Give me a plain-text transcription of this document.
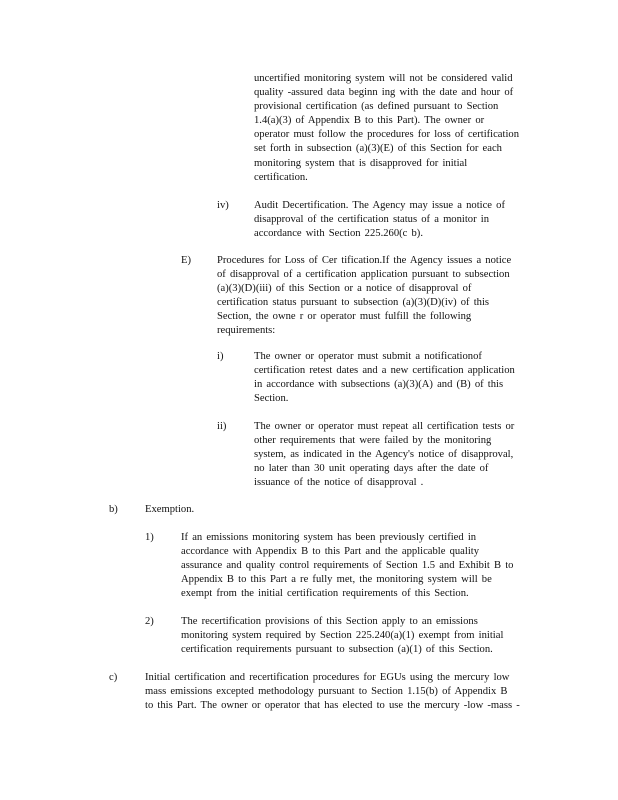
uncertified monitoring system will not be considered valid
quality -assured data beginn ing with the date and hour of
provisional certification (as defined pursuant to Section
1.4(a)(3) of Appendix B to this Part). The owner or
operator must follow the procedures for loss of certification
set forth in subsection (a)(3)(E) of this Section for each
monitoring system that is disapproved for initial
certification.
iv) Audit Decertification. The Agency may issue a notice of
disapproval of the certification status of a monitor in
accordance with Section 225.260(c b).
E) Procedures for Loss of Cer tification.If the Agency issues a notice
of disapproval of a certification application pursuant to subsection
(a)(3)(D)(iii) of this Section or a notice of disapproval of
certification status pursuant to subsection (a)(3)(D)(iv) of this
Section, the owne r or operator must fulfill the following
requirements:
i)	The owner or operator must submit a notificationof
certification retest dates and a new certification application
in accordance with subsections (a)(3)(A) and (B) of this
Section.
ii)	The owner or operator must repeat all certification tests or
other requirements that were failed by the monitoring
system, as indicated in the Agency's notice of disapproval,
no later than 30 unit operating days after the date of
issuance of the notice of disapproval .
b)	Exemption.
1)	If an emissions monitoring system has been previously certified in
accordance with Appendix B to this Part and the applicable quality
assurance and quality control requirements of Section 1.5 and Exhibit B to
Appendix B to this Part a re fully met, the monitoring system will be
exempt from the initial certification requirements of this Section.
2)	The recertification provisions of this Section apply to an emissions
monitoring system required by Section 225.240(a)(1) exempt from initial
certification requirements pursuant to subsection (a)(1) of this Section.
c)	Initial certification and recertification procedures for EGUs using the mercury low
mass emissions excepted methodology pursuant to Section 1.15(b) of Appendix B
to this Part. The owner or operator that has elected to use the mercury -low -mass -
